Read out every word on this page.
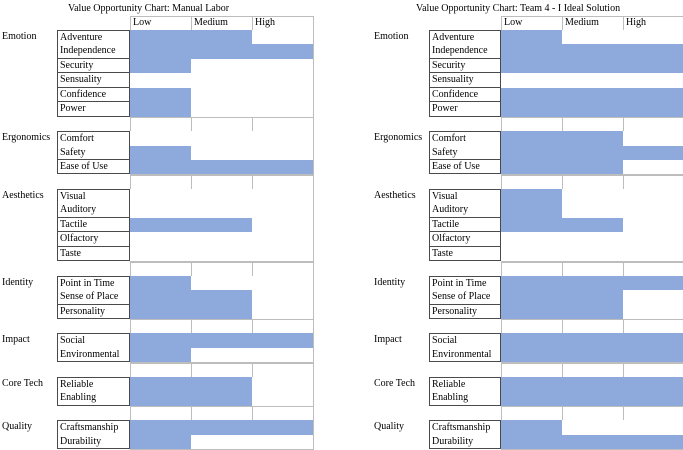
Value Opportunity Chart: Manual Labor
Low	Medium	High
Emotion	Adventure
Independence
Security
Sensuality
Confidence
Power
Ergonomics Comfort
Safety
Ease of Use
Aesthetics	Visual
Auditory
Tactile
Olfactory
Taste
Identity	Point in Time
Sense of Place
Personality
Impact	Social
Environmental
Core Tech	Reliable
Enabling
Quality	Craftsmanship
Durability
Value Opportunity Chart: Team 4 - I Ideal Solution
Low	Medium	High
Emotion	Adventure
Independence
Security
Sensuality
Confidence
Power
Ergonomics Comfort
Safety
Ease of Use
Aesthetics	Visual
Auditory
Tactile
Olfactory
Taste
Identity	Point in Time
Sense of Place
Personality
Impact	Social
Environmental
Core Tech	Reliable
Enabling
Quality	Craftsmanship
Durability
